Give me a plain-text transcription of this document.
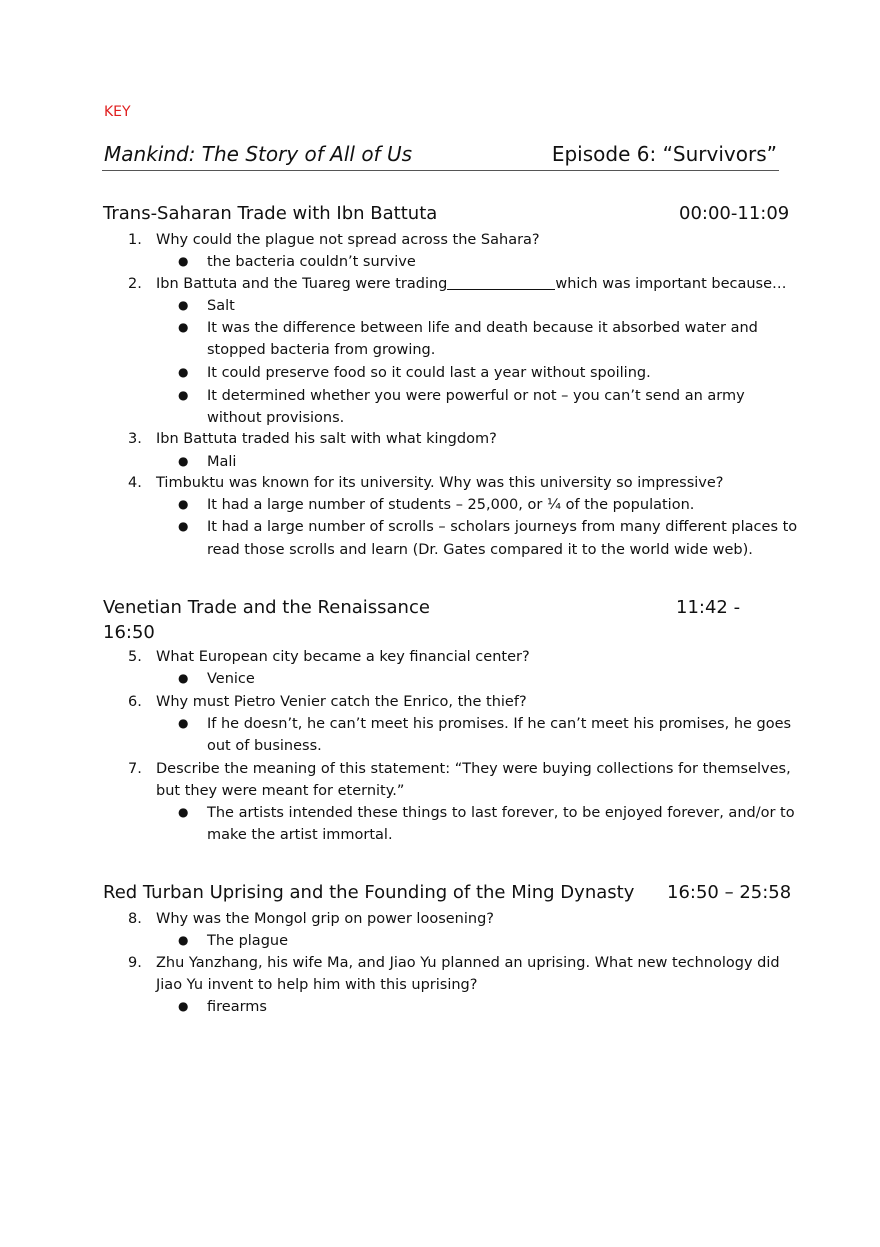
KEY
Mankind: The Story of All of Us	Episode 6: “Survivors”
Trans-Saharan Trade with Ibn Battuta	00:00-11:09
1. Why could the plague not spread across the Sahara?
● the bacteria couldn’t survive
2. Ibn Battuta and the Tuareg were trading	which was important because…
● Salt
● It was the difference between life and death because it absorbed water and
stopped bacteria from growing.
● It could preserve food so it could last a year without spoiling.
● It determined whether you were powerful or not – you can’t send an army
without provisions.
3. Ibn Battuta traded his salt with what kingdom?
● Mali
4. Timbuktu was known for its university. Why was this university so impressive?
● It had a large number of students – 25,000, or ¼ of the population.
● It had a large number of scrolls – scholars journeys from many different places to
read those scrolls and learn (Dr. Gates compared it to the world wide web).
Venetian Trade and the Renaissance	11:42 -
16:50
5. What European city became a key financial center?
● Venice
6. Why must Pietro Venier catch the Enrico, the thief?
● If he doesn’t, he can’t meet his promises. If he can’t meet his promises, he goes
out of business.
7. Describe the meaning of this statement: “They were buying collections for themselves,
but they were meant for eternity.”
● The artists intended these things to last forever, to be enjoyed forever, and/or to
make the artist immortal.
Red Turban Uprising and the Founding of the Ming Dynasty 16:50 – 25:58
8. Why was the Mongol grip on power loosening?
● The plague
9. Zhu Yanzhang, his wife Ma, and Jiao Yu planned an uprising. What new technology did
Jiao Yu invent to help him with this uprising?
● firearms
